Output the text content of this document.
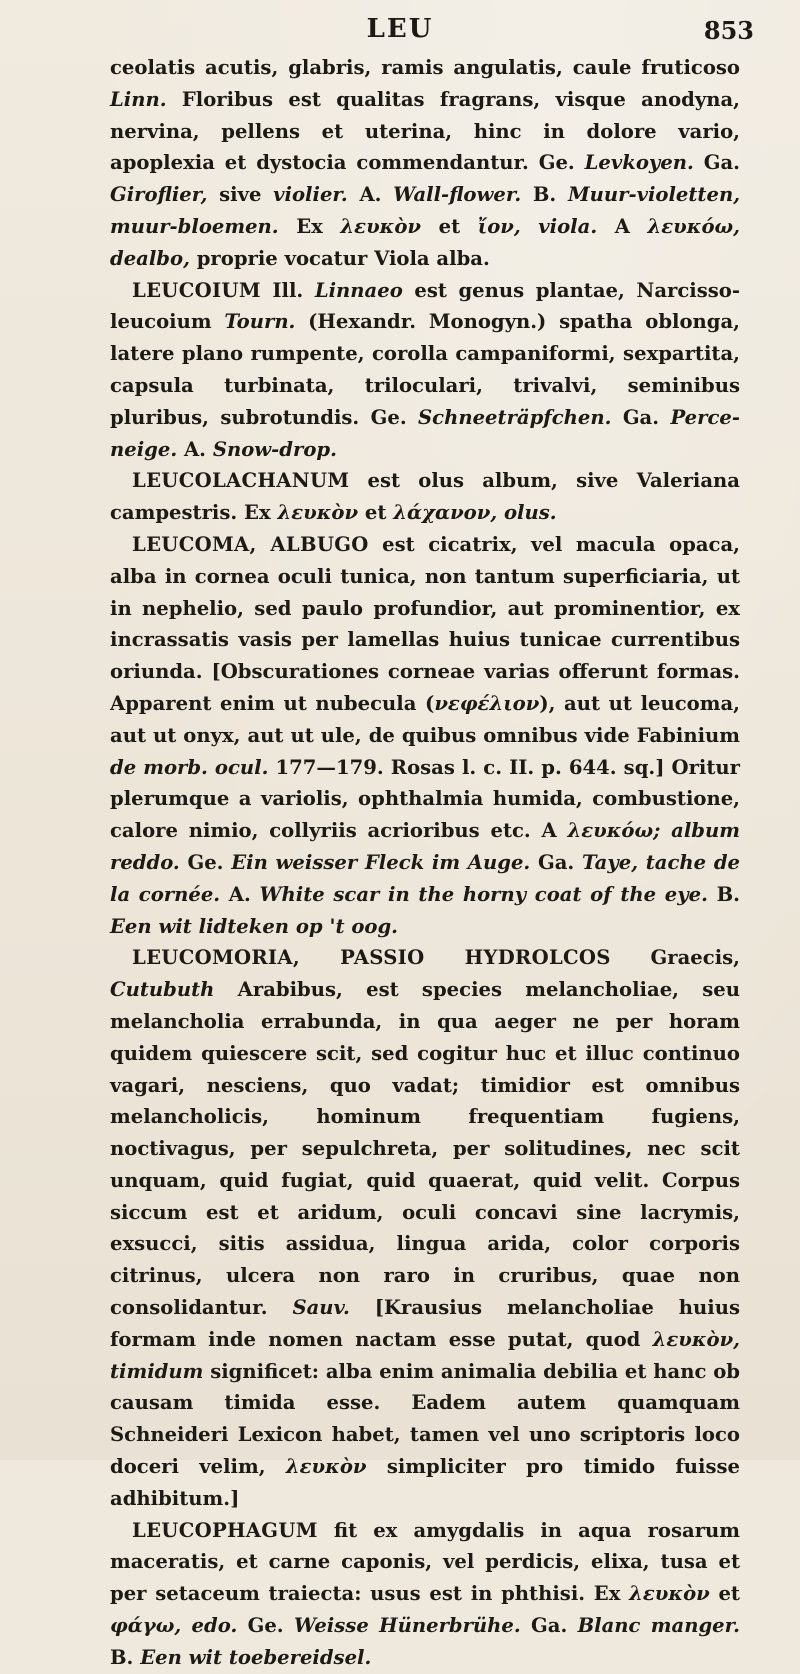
LEU	853

ceolatis acutis, glabris, ramis angulatis, caule fruticoso Linn. Floribus est qualitas fragrans, visque anodyna, nervina, pellens et uterina, hinc in dolore vario, apoplexia et dystocia commendantur. Ge. Levkoyen. Ga. Giroflier, sive violier. A. Wall-flower. B. Muur-violetten, muur-bloemen. Ex λευκὸν et ἴον, viola. A λευκόω, dealbo, proprie vocatur Viola alba.

LEUCOIUM Ill. Linnaeo est genus plantae, Narcisso-leucoium Tourn. (Hexandr. Monogyn.) spatha oblonga, latere plano rumpente, corolla campaniformi, sexpartita, capsula turbinata, triloculari, trivalvi, seminibus pluribus, subrotundis. Ge. Schneeträpfchen. Ga. Perce-neige. A. Snow-drop.

LEUCOLACHANUM est olus album, sive Valeriana campestris. Ex λευκὸν et λάχανον, olus.

LEUCOMA, ALBUGO est cicatrix, vel macula opaca, alba in cornea oculi tunica, non tantum superficiaria, ut in nephelio, sed paulo profundior, aut prominentior, ex incrassatis vasis per lamellas huius tunicae currentibus oriunda. [Obscurationes corneae varias offerunt formas. Apparent enim ut nubecula (νεφέλιον), aut ut leucoma, aut ut onyx, aut ut ule, de quibus omnibus vide Fabinium de morb. ocul. 177—179. Rosas l. c. II. p. 644. sq.] Oritur plerumque a variolis, ophthalmia humida, combustione, calore nimio, collyriis acrioribus etc. A λευκόω; album reddo. Ge. Ein weisser Fleck im Auge. Ga. Taye, tache de la cornée. A. White scar in the horny coat of the eye. B. Een wit lidteken op 't oog.

LEUCOMORIA, PASSIO HYDROLCOS Graecis, Cutubuth Arabibus, est species melancholiae, seu melancholia errabunda, in qua aeger ne per horam quidem quiescere scit, sed cogitur huc et illuc continuo vagari, nesciens, quo vadat; timidior est omnibus melancholicis, hominum frequentiam fugiens, noctivagus, per sepulchreta, per solitudines, nec scit unquam, quid fugiat, quid quaerat, quid velit. Corpus siccum est et aridum, oculi concavi sine lacrymis, exsucci, sitis assidua, lingua arida, color corporis citrinus, ulcera non raro in cruribus, quae non consolidantur. Sauv. [Krausius melancholiae huius formam inde nomen nactam esse putat, quod λευκὸν, timidum significet: alba enim animalia debilia et hanc ob causam timida esse. Eadem autem quamquam Schneideri Lexicon habet, tamen vel uno scriptoris loco doceri velim, λευκὸν simpliciter pro timido fuisse adhibitum.]

LEUCOPHAGUM fit ex amygdalis in aqua rosarum maceratis, et carne caponis, vel perdicis, elixa, tusa et per setaceum traiecta: usus est in phthisi. Ex λευκὸν et φάγω, edo. Ge. Weisse Hünerbrühe. Ga. Blanc manger. B. Een wit toebereidsel.
